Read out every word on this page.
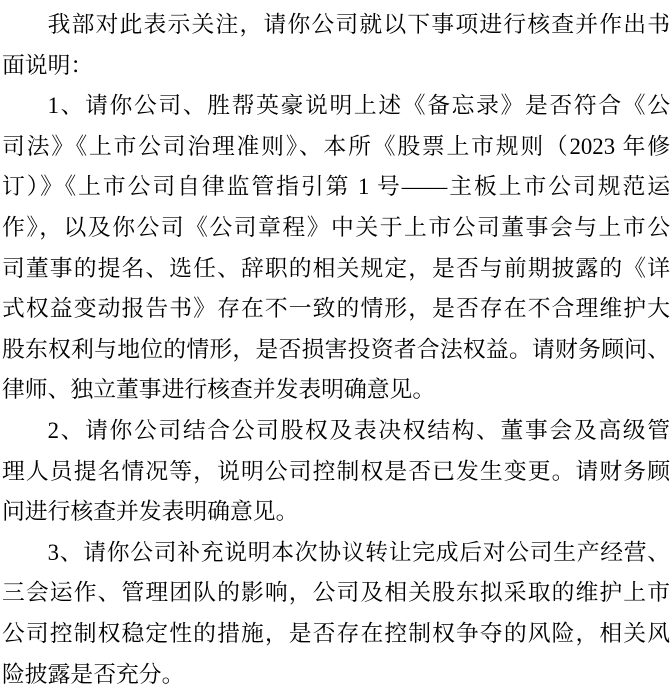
我部对此表示关注，请你公司就以下事项进行核查并作出书
面说明：
1、请你公司、胜帮英豪说明上述《备忘录》是否符合《公
司法》《上市公司治理准则》、本所《股票上市规则（2023 年修
订）》《上市公司自律监管指引第 1 号——主板上市公司规范运
作》，以及你公司《公司章程》中关于上市公司董事会与上市公
司董事的提名、选任、辞职的相关规定，是否与前期披露的《详
式权益变动报告书》存在不一致的情形，是否存在不合理维护大
股东权利与地位的情形，是否损害投资者合法权益。请财务顾问、
律师、独立董事进行核查并发表明确意见。
2、请你公司结合公司股权及表决权结构、董事会及高级管
理人员提名情况等，说明公司控制权是否已发生变更。请财务顾
问进行核查并发表明确意见。
3、请你公司补充说明本次协议转让完成后对公司生产经营、
三会运作、管理团队的影响，公司及相关股东拟采取的维护上市
公司控制权稳定性的措施，是否存在控制权争夺的风险，相关风
险披露是否充分。
